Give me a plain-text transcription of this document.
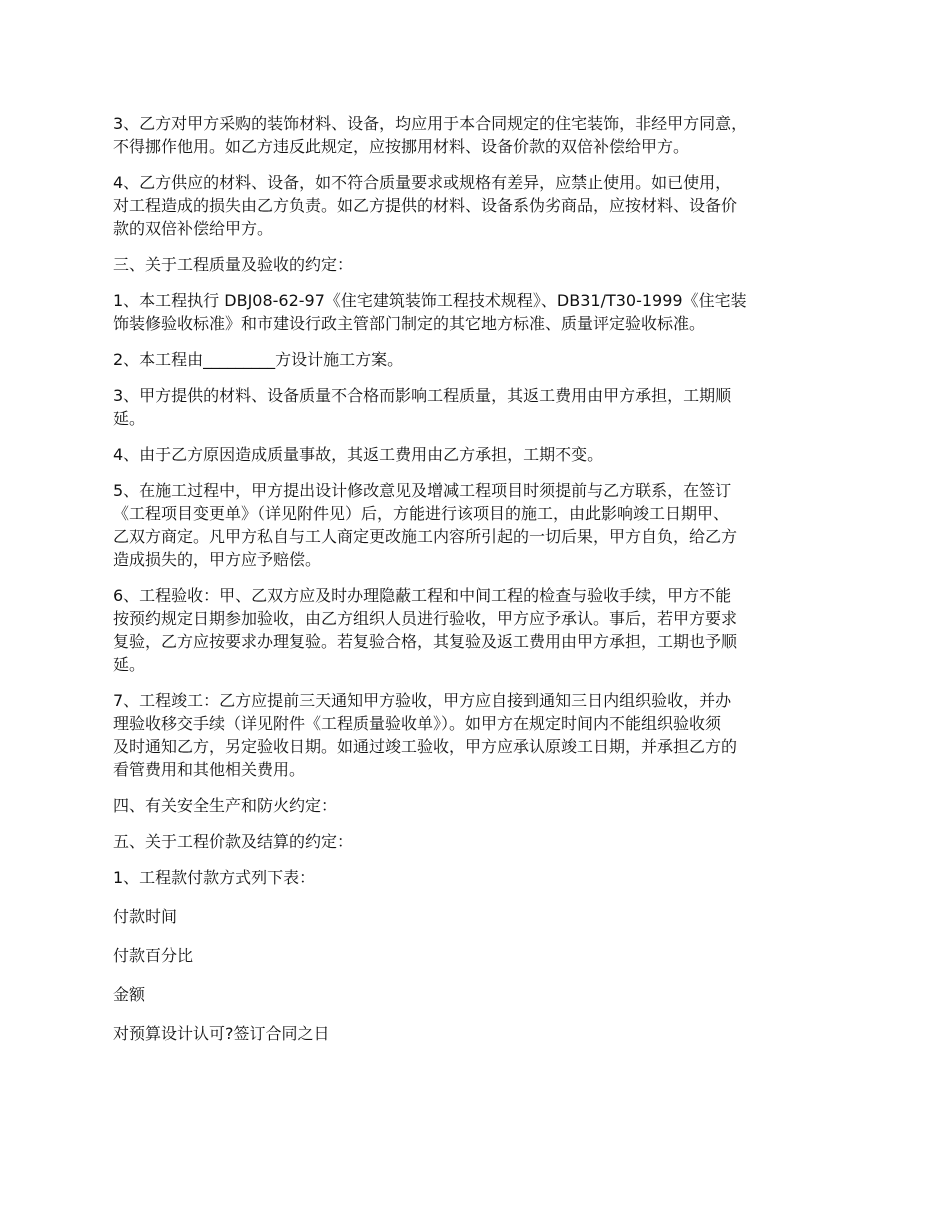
3、乙方对甲方采购的装饰材料、设备，均应用于本合同规定的住宅装饰，非经甲方同意，
不得挪作他用。如乙方违反此规定，应按挪用材料、设备价款的双倍补偿给甲方。

4、乙方供应的材料、设备，如不符合质量要求或规格有差异，应禁止使用。如已使用，
对工程造成的损失由乙方负责。如乙方提供的材料、设备系伪劣商品，应按材料、设备价
款的双倍补偿给甲方。

三、关于工程质量及验收的约定：

1、本工程执行 DBJ08-62-97《住宅建筑装饰工程技术规程》、DB31/T30-1999《住宅装
饰装修验收标准》和市建设行政主管部门制定的其它地方标准、质量评定验收标准。

2、本工程由_________方设计施工方案。

3、甲方提供的材料、设备质量不合格而影响工程质量，其返工费用由甲方承担，工期顺
延。

4、由于乙方原因造成质量事故，其返工费用由乙方承担，工期不变。

5、在施工过程中，甲方提出设计修改意见及增减工程项目时须提前与乙方联系，在签订
《工程项目变更单》（详见附件见）后，方能进行该项目的施工，由此影响竣工日期甲、
乙双方商定。凡甲方私自与工人商定更改施工内容所引起的一切后果，甲方自负，给乙方
造成损失的，甲方应予赔偿。

6、工程验收：甲、乙双方应及时办理隐蔽工程和中间工程的检查与验收手续，甲方不能
按预约规定日期参加验收，由乙方组织人员进行验收，甲方应予承认。事后，若甲方要求
复验，乙方应按要求办理复验。若复验合格，其复验及返工费用由甲方承担，工期也予顺
延。

7、工程竣工：乙方应提前三天通知甲方验收，甲方应自接到通知三日内组织验收，并办
理验收移交手续（详见附件《工程质量验收单》）。如甲方在规定时间内不能组织验收须
及时通知乙方，另定验收日期。如通过竣工验收，甲方应承认原竣工日期，并承担乙方的
看管费用和其他相关费用。

四、有关安全生产和防火约定：

五、关于工程价款及结算的约定：

1、工程款付款方式列下表：

付款时间

付款百分比

金额

对预算设计认可?签订合同之日
